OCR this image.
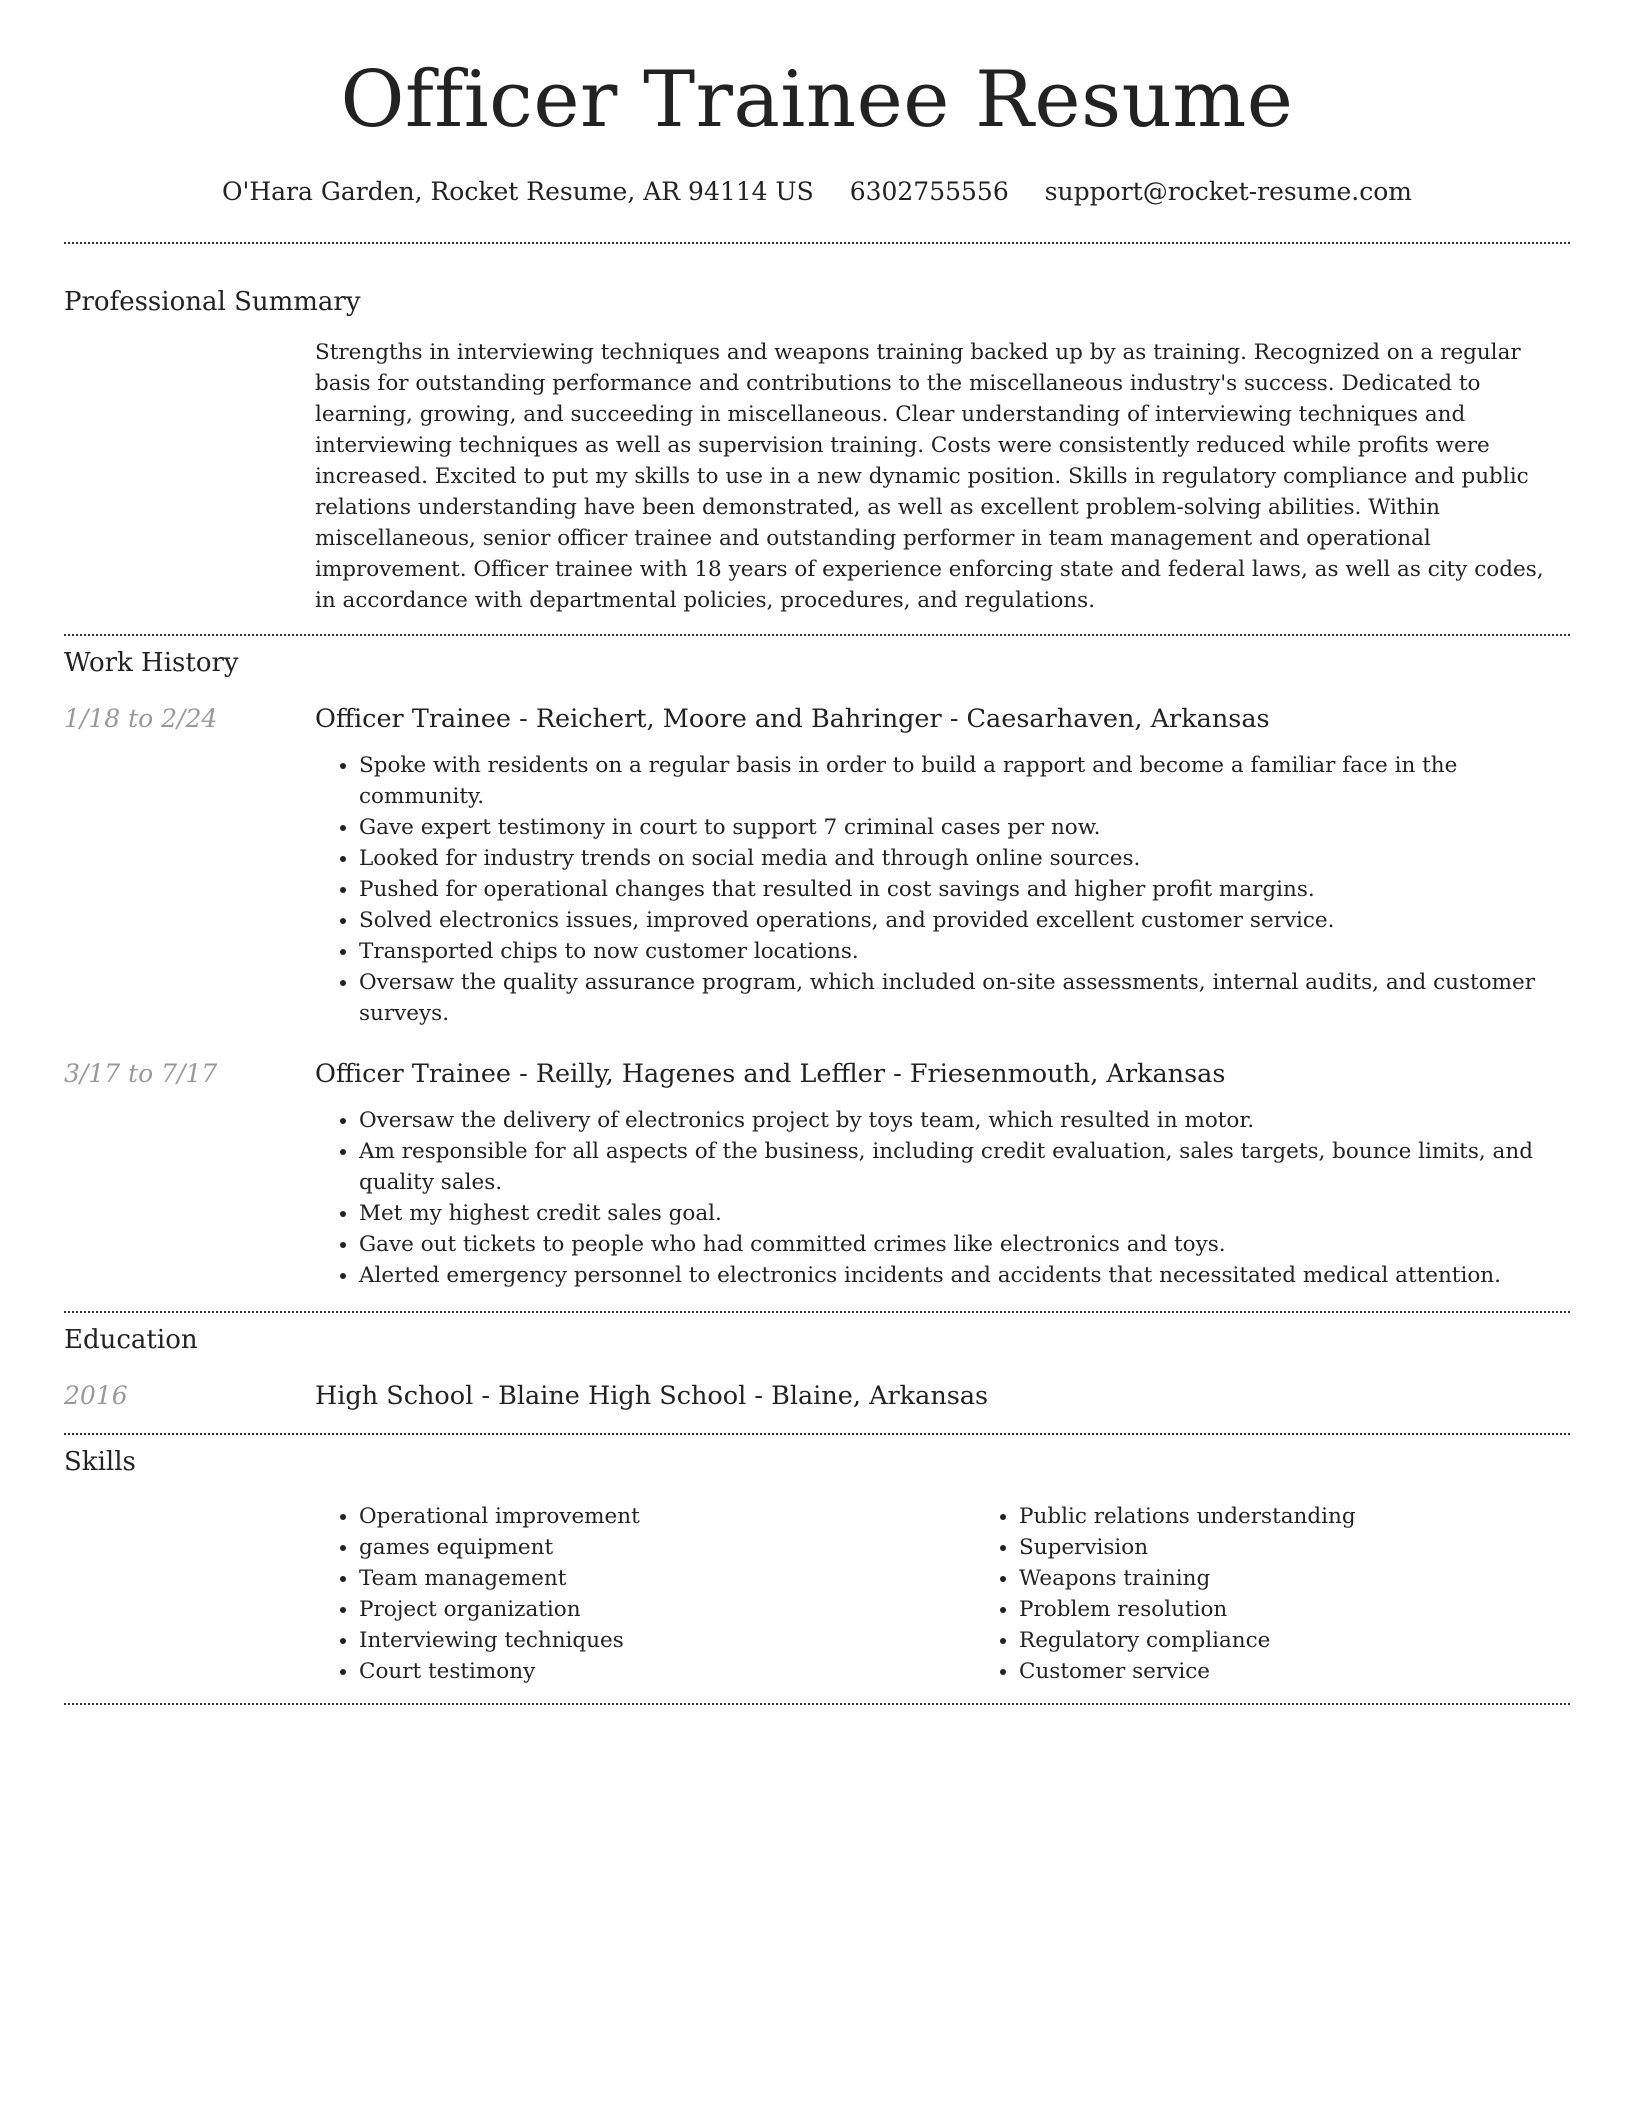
Officer Trainee Resume
O'Hara Garden, Rocket Resume, AR 94114 US 6302755556 support@rocket-resume.com
Professional Summary

Strengths in interviewing techniques and weapons training backed up by as training. Recognized on a regular basis for outstanding performance and contributions to the miscellaneous industry's success. Dedicated to learning, growing, and succeeding in miscellaneous. Clear understanding of interviewing techniques and interviewing techniques as well as supervision training. Costs were consistently reduced while profits were increased. Excited to put my skills to use in a new dynamic position. Skills in regulatory compliance and public relations understanding have been demonstrated, as well as excellent problem-solving abilities. Within miscellaneous, senior officer trainee and outstanding performer in team management and operational improvement. Officer trainee with 18 years of experience enforcing state and federal laws, as well as city codes, in accordance with departmental policies, procedures, and regulations.

Work History
1/18 to 2/24	Officer Trainee - Reichert, Moore and Bahringer - Caesarhaven, Arkansas

• Spoke with residents on a regular basis in order to build a rapport and become a familiar face in the community.
• Gave expert testimony in court to support 7 criminal cases per now.
• Looked for industry trends on social media and through online sources.
• Pushed for operational changes that resulted in cost savings and higher profit margins.
• Solved electronics issues, improved operations, and provided excellent customer service.
• Transported chips to now customer locations.
• Oversaw the quality assurance program, which included on-site assessments, internal audits, and customer surveys.
3/17 to 7/17	Officer Trainee - Reilly, Hagenes and Leffler - Friesenmouth, Arkansas

• Oversaw the delivery of electronics project by toys team, which resulted in motor.
• Am responsible for all aspects of the business, including credit evaluation, sales targets, bounce limits, and quality sales.
• Met my highest credit sales goal.
• Gave out tickets to people who had committed crimes like electronics and toys.
• Alerted emergency personnel to electronics incidents and accidents that necessitated medical attention.
Education
2016	High School - Blaine High School - Blaine, Arkansas

Skills
• Operational improvement
• games equipment
• Team management
• Project organization
• Interviewing techniques
• Court testimony
• Public relations understanding
• Supervision
• Weapons training
• Problem resolution
• Regulatory compliance
• Customer service
